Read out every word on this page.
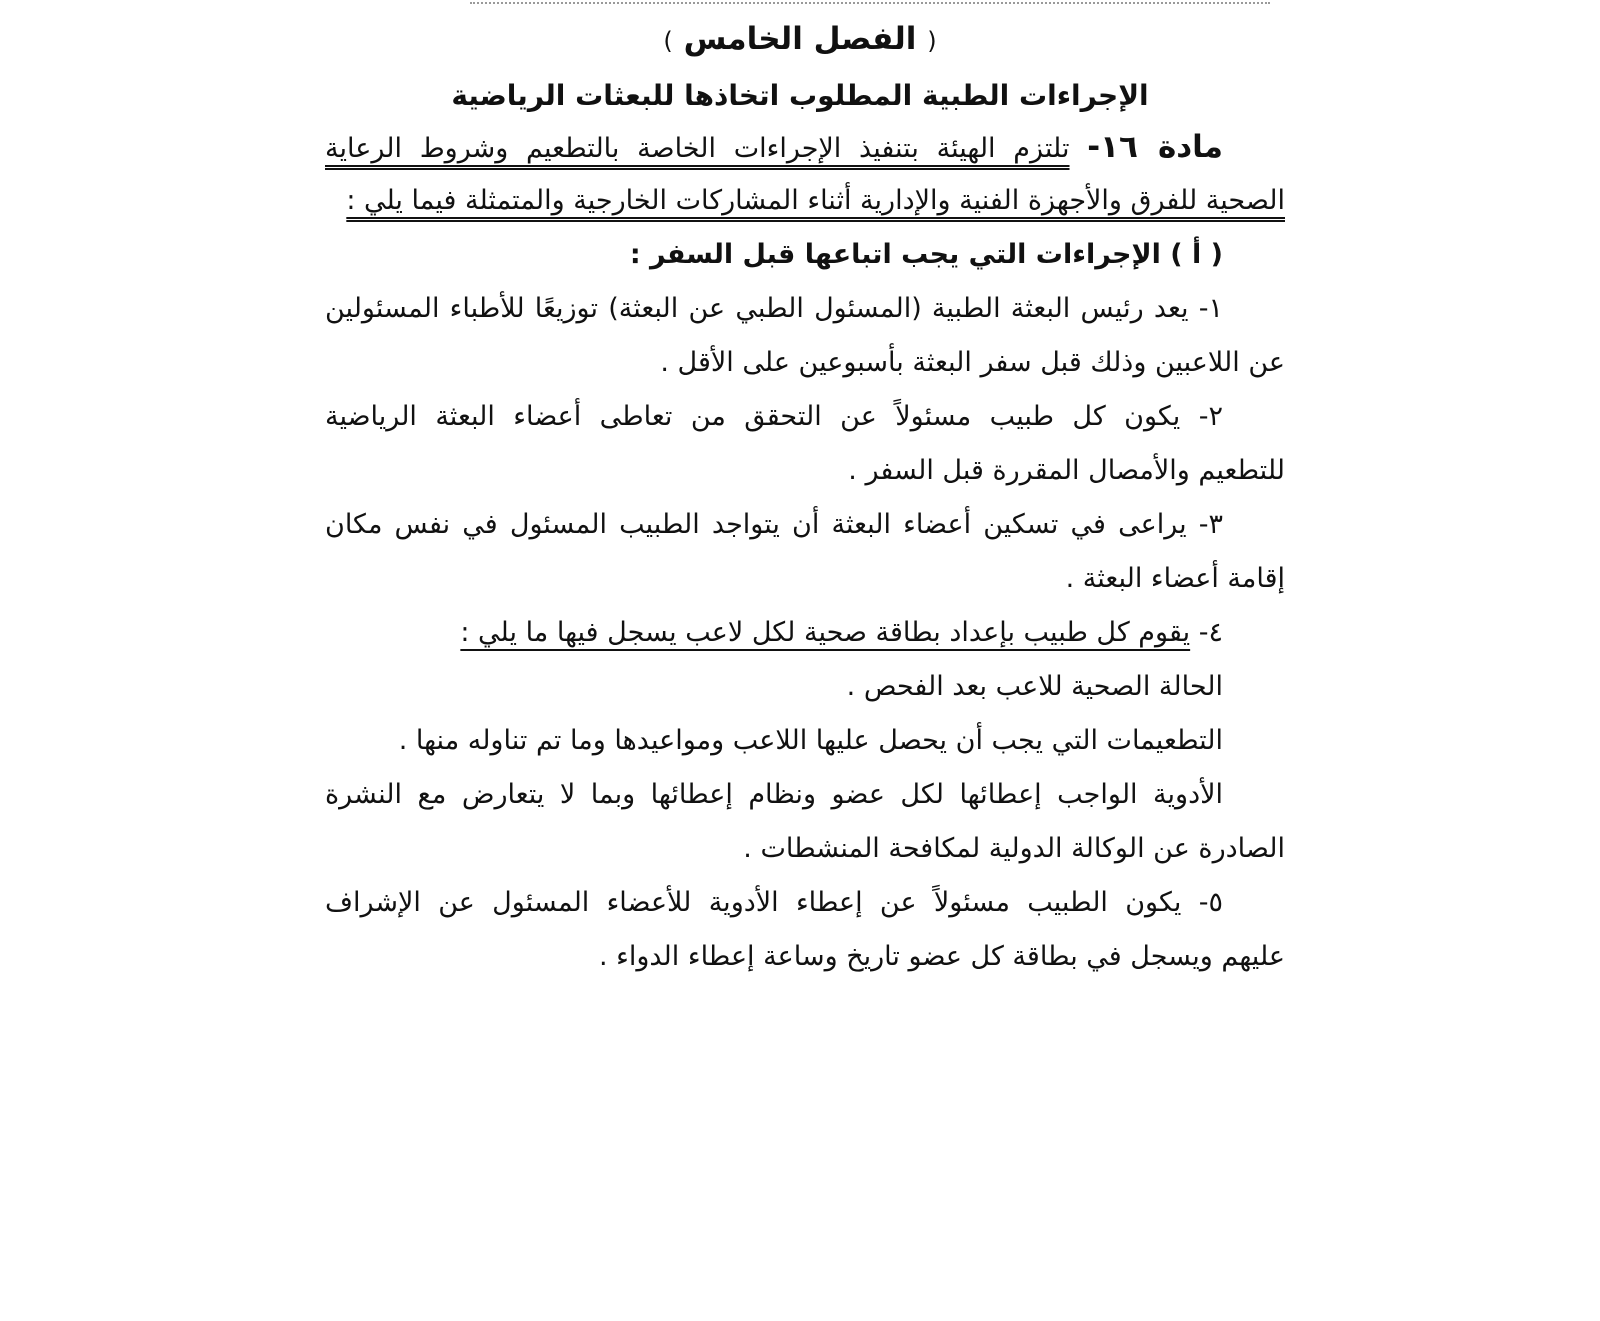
( الفصل الخامس )
الإجراءات الطبية المطلوب اتخاذها للبعثات الرياضية
مادة ١٦- تلتزم الهيئة بتنفيذ الإجراءات الخاصة بالتطعيم وشروط الرعاية
الصحية للفرق والأجهزة الفنية والإدارية أثناء المشاركات الخارجية والمتمثلة فيما يلي :
( أ ) الإجراءات التي يجب اتباعها قبل السفر :
١- يعد رئيس البعثة الطبية (المسئول الطبي عن البعثة) توزيعًا للأطباء المسئولين
عن اللاعبين وذلك قبل سفر البعثة بأسبوعين على الأقل .
٢- يكون كل طبيب مسئولاً عن التحقق من تعاطى أعضاء البعثة الرياضية
للتطعيم والأمصال المقررة قبل السفر .
٣- يراعى في تسكين أعضاء البعثة أن يتواجد الطبيب المسئول في نفس مكان
إقامة أعضاء البعثة .
٤- يقوم كل طبيب بإعداد بطاقة صحية لكل لاعب يسجل فيها ما يلي :
الحالة الصحية للاعب بعد الفحص .
التطعيمات التي يجب أن يحصل عليها اللاعب ومواعيدها وما تم تناوله منها .
الأدوية الواجب إعطائها لكل عضو ونظام إعطائها وبما لا يتعارض مع النشرة
الصادرة عن الوكالة الدولية لمكافحة المنشطات .
٥- يكون الطبيب مسئولاً عن إعطاء الأدوية للأعضاء المسئول عن الإشراف
عليهم ويسجل في بطاقة كل عضو تاريخ وساعة إعطاء الدواء .
